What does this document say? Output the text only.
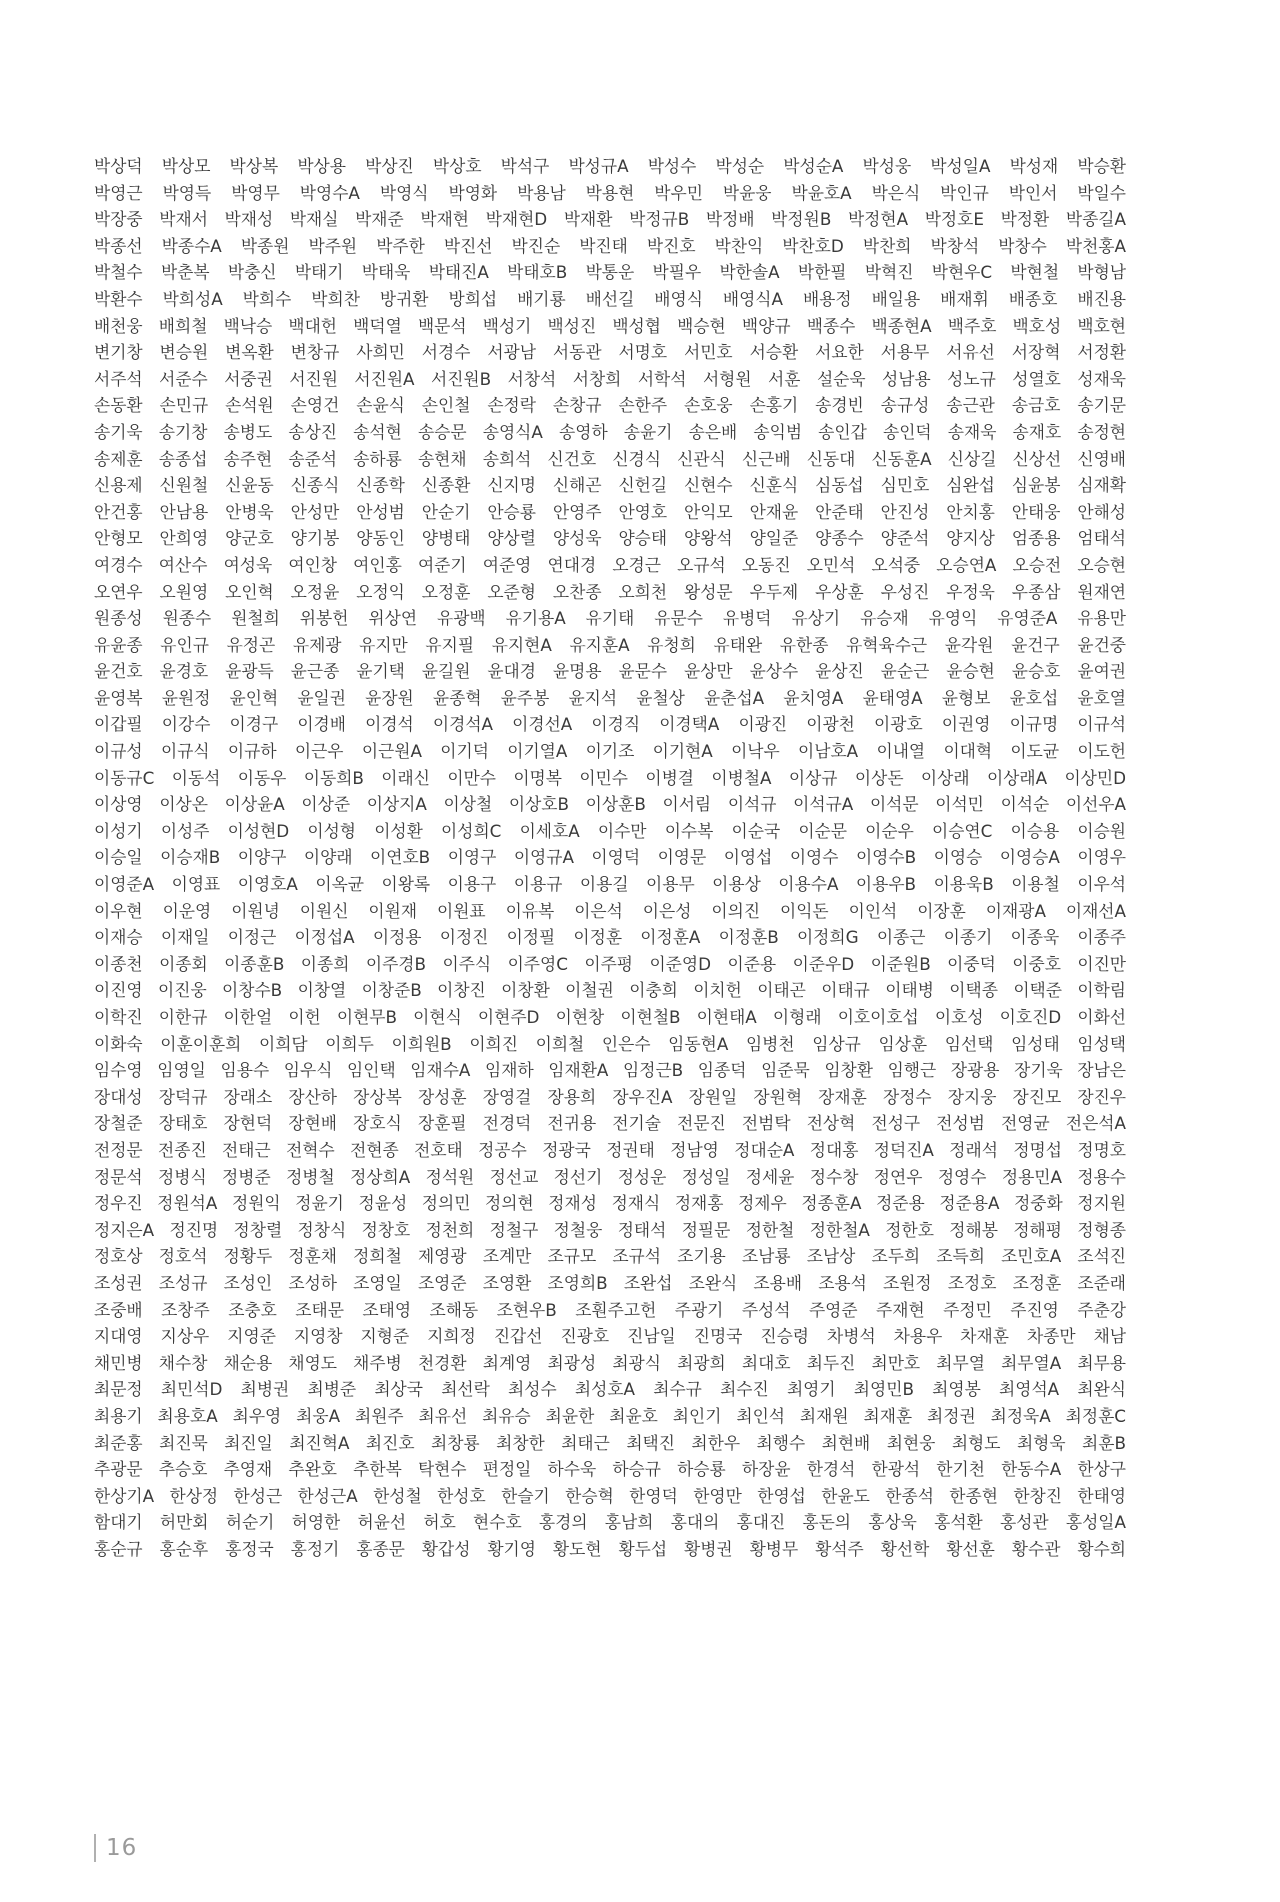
박상덕 박상모 박상복 박상용 박상진 박상호 박석구 박성규A 박성수 박성순 박성순A 박성웅 박성일A 박성재 박승환
박영근 박영득 박영무 박영수A 박영식 박영화 박용남 박용현 박우민 박윤웅 박윤호A 박은식 박인규 박인서 박일수
박장중 박재서 박재성 박재실 박재준 박재현 박재현D 박재환 박정규B 박정배 박정원B 박정현A 박정호E 박정환 박종길A
박종선 박종수A 박종원 박주원 박주한 박진선 박진순 박진태 박진호 박찬익 박찬호D 박찬희 박창석 박창수 박천홍A
박철수 박춘복 박충신 박태기 박태욱 박태진A 박태호B 박통운 박필우 박한솔A 박한필 박혁진 박현우C 박현철 박형남
박환수 박희성A 박희수 박희찬 방귀환 방희섭 배기룡 배선길 배영식 배영식A 배용정 배일용 배재휘 배종호 배진용
배천웅 배희철 백낙승 백대헌 백덕열 백문석 백성기 백성진 백성협 백승현 백양규 백종수 백종현A 백주호 백호성 백호현
변기창 변승원 변옥환 변창규 사희민 서경수 서광남 서동관 서명호 서민호 서승환 서요한 서용무 서유선 서장혁 서정환
서주석 서준수 서중권 서진원 서진원A 서진원B 서창석 서창희 서학석 서형원 서훈 설순욱 성남용 성노규 성열호 성재욱
손동환 손민규 손석원 손영건 손윤식 손인철 손정락 손창규 손한주 손호웅 손홍기 송경빈 송규성 송근관 송금호 송기문
송기욱 송기창 송병도 송상진 송석현 송승문 송영식A 송영하 송윤기 송은배 송익범 송인갑 송인덕 송재욱 송재호 송정현
송제훈 송종섭 송주현 송준석 송하룡 송현채 송희석 신건호 신경식 신관식 신근배 신동대 신동훈A 신상길 신상선 신영배
신용제 신원철 신윤동 신종식 신종학 신종환 신지명 신해곤 신헌길 신현수 신훈식 심동섭 심민호 심완섭 심윤봉 심재확
안건홍 안남용 안병욱 안성만 안성범 안순기 안승룡 안영주 안영호 안익모 안재윤 안준태 안진성 안치홍 안태웅 안해성
안형모 안희영 양군호 양기봉 양동인 양병태 양상렬 양성욱 양승태 양왕석 양일준 양종수 양준석 양지상 엄종용 엄태석
여경수 여산수 여성욱 여인창 여인홍 여준기 여준영 연대경 오경근 오규석 오동진 오민석 오석중 오승연A 오승전 오승현
오연우 오원영 오인혁 오정윤 오정익 오정훈 오준형 오찬종 오희천 왕성문 우두제 우상훈 우성진 우정욱 우종삼 원재연
원종성 원종수 원철희 위봉헌 위상연 유광백 유기용A 유기태 유문수 유병덕 유상기 유승재 유영익 유영준A 유용만
유윤종 유인규 유정곤 유제광 유지만 유지필 유지현A 유지훈A 유청희 유태완 유한종 유혁육수근 윤각원 윤건구 윤건중
윤건호 윤경호 윤광득 윤근종 윤기택 윤길원 윤대경 윤명용 윤문수 윤상만 윤상수 윤상진 윤순근 윤승현 윤승호 윤여권
윤영복 윤원정 윤인혁 윤일권 윤장원 윤종혁 윤주봉 윤지석 윤철상 윤춘섭A 윤치영A 윤태영A 윤형보 윤호섭 윤호열
이갑필 이강수 이경구 이경배 이경석 이경석A 이경선A 이경직 이경택A 이광진 이광천 이광호 이권영 이규명 이규석
이규성 이규식 이규하 이근우 이근원A 이기덕 이기열A 이기조 이기현A 이낙우 이남호A 이내열 이대혁 이도균 이도헌
이동규C 이동석 이동우 이동희B 이래신 이만수 이명복 이민수 이병결 이병철A 이상규 이상돈 이상래 이상래A 이상민D
이상영 이상온 이상윤A 이상준 이상지A 이상철 이상호B 이상훈B 이서림 이석규 이석규A 이석문 이석민 이석순 이선우A
이성기 이성주 이성현D 이성형 이성환 이성희C 이세호A 이수만 이수복 이순국 이순문 이순우 이승연C 이승용 이승원
이승일 이승재B 이양구 이양래 이연호B 이영구 이영규A 이영덕 이영문 이영섭 이영수 이영수B 이영승 이영승A 이영우
이영준A 이영표 이영호A 이옥균 이왕록 이용구 이용규 이용길 이용무 이용상 이용수A 이용우B 이용욱B 이용철 이우석
이우현 이운영 이원녕 이원신 이원재 이원표 이유복 이은석 이은성 이의진 이익돈 이인석 이장훈 이재광A 이재선A
이재승 이재일 이정근 이정섭A 이정용 이정진 이정필 이정훈 이정훈A 이정훈B 이정희G 이종근 이종기 이종욱 이종주
이종천 이종회 이종훈B 이종희 이주경B 이주식 이주영C 이주평 이준영D 이준용 이준우D 이준원B 이중덕 이중호 이진만
이진영 이진웅 이창수B 이창열 이창준B 이창진 이창환 이철권 이충희 이치헌 이태곤 이태규 이태병 이택종 이택준 이학림
이학진 이한규 이한얼 이헌 이현무B 이현식 이현주D 이현창 이현철B 이현태A 이형래 이호이호섭 이호성 이호진D 이화선
이화숙 이훈이훈희 이희담 이희두 이희원B 이희진 이희철 인은수 임동현A 임병천 임상규 임상훈 임선택 임성태 임성택
임수영 임영일 임용수 임우식 임인택 임재수A 임재하 임재환A 임정근B 임종덕 임준묵 임창환 임행근 장광용 장기욱 장남은
장대성 장덕규 장래소 장산하 장상복 장성훈 장영걸 장용희 장우진A 장원일 장원혁 장재훈 장정수 장지웅 장진모 장진우
장철준 장태호 장현덕 장현배 장호식 장훈필 전경덕 전귀용 전기술 전문진 전범탁 전상혁 전성구 전성범 전영균 전은석A
전정문 전종진 전태근 전혁수 전현종 전호태 정공수 정광국 정권태 정남영 정대순A 정대홍 정덕진A 정래석 정명섭 정명호
정문석 정병식 정병준 정병철 정상희A 정석원 정선교 정선기 정성운 정성일 정세윤 정수창 정연우 정영수 정용민A 정용수
정우진 정원석A 정원익 정윤기 정윤성 정의민 정의현 정재성 정재식 정재홍 정제우 정종훈A 정준용 정준용A 정중화 정지원
정지은A 정진명 정창렬 정창식 정창호 정천희 정철구 정철웅 정태석 정필문 정한철 정한철A 정한호 정해봉 정해평 정형종
정호상 정호석 정황두 정훈채 정희철 제영광 조계만 조규모 조규석 조기용 조남룡 조남상 조두희 조득희 조민호A 조석진
조성권 조성규 조성인 조성하 조영일 조영준 조영환 조영희B 조완섭 조완식 조용배 조용석 조원정 조정호 조정훈 조준래
조중배 조창주 조충호 조태문 조태영 조해동 조현우B 조훤주고헌 주광기 주성석 주영준 주재현 주정민 주진영 주춘강
지대영 지상우 지영준 지영창 지형준 지희정 진갑선 진광호 진남일 진명국 진승령 차병석 차용우 차재훈 차종만 채남
채민병 채수창 채순용 채영도 채주병 천경환 최계영 최광성 최광식 최광희 최대호 최두진 최만호 최무열 최무열A 최무용
최문정 최민석D 최병권 최병준 최상국 최선락 최성수 최성호A 최수규 최수진 최영기 최영민B 최영봉 최영석A 최완식
최용기 최용호A 최우영 최웅A 최원주 최유선 최유승 최윤한 최윤호 최인기 최인석 최재원 최재훈 최정권 최정욱A 최정훈C
최준홍 최진묵 최진일 최진혁A 최진호 최창룡 최창한 최태근 최택진 최한우 최행수 최현배 최현웅 최형도 최형욱 최훈B
추광문 추승호 추영재 추완호 추한복 탁현수 편정일 하수욱 하승규 하승룡 하장윤 한경석 한광석 한기천 한동수A 한상구
한상기A 한상정 한성근 한성근A 한성철 한성호 한슬기 한승혁 한영덕 한영만 한영섭 한윤도 한종석 한종현 한창진 한태영
함대기 허만회 허순기 허영한 허윤선 허호 현수호 홍경의 홍남희 홍대의 홍대진 홍돈의 홍상욱 홍석환 홍성관 홍성일A
홍순규 홍순후 홍정국 홍정기 홍종문 황갑성 황기영 황도현 황두섭 황병권 황병무 황석주 황선학 황선훈 황수관 황수희
16
